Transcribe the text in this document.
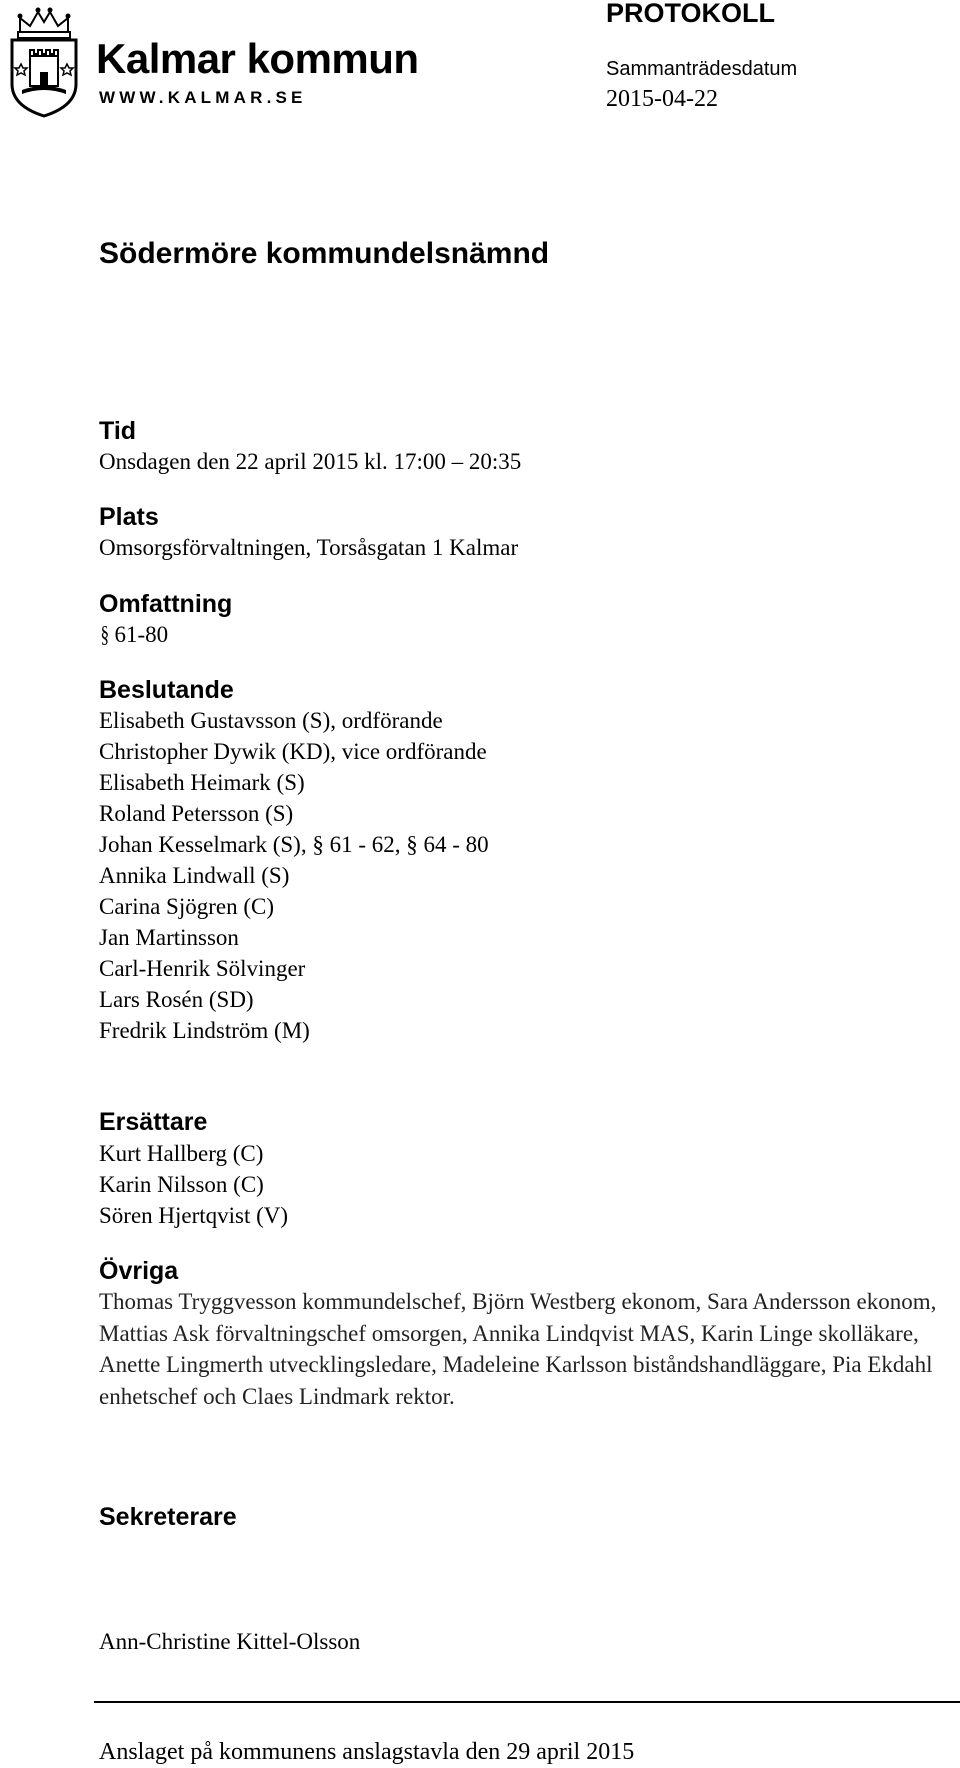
Kalmar kommun
WWW.KALMAR.SE
PROTOKOLL
Sammanträdesdatum
2015-04-22
Södermöre kommundelsnämnd
Tid
Onsdagen den 22 april 2015 kl. 17:00 – 20:35
Plats
Omsorgsförvaltningen, Torsåsgatan 1 Kalmar
Omfattning
§ 61-80
Beslutande
Elisabeth Gustavsson (S), ordförande
Christopher Dywik (KD), vice ordförande
Elisabeth Heimark (S)
Roland Petersson (S)
Johan Kesselmark (S), § 61 - 62, § 64 - 80
Annika Lindwall (S)
Carina Sjögren (C)
Jan Martinsson
Carl-Henrik Sölvinger
Lars Rosén (SD)
Fredrik Lindström (M)
Ersättare
Kurt Hallberg (C)
Karin Nilsson (C)
Sören Hjertqvist (V)
Övriga
Thomas Tryggvesson kommundelschef, Björn Westberg ekonom, Sara Andersson ekonom, Mattias Ask förvaltningschef omsorgen, Annika Lindqvist MAS, Karin Linge skolläkare, Anette Lingmerth utvecklingsledare, Madeleine Karlsson biståndshandläggare, Pia Ekdahl enhetschef och Claes Lindmark rektor.
Sekreterare
Ann-Christine Kittel-Olsson
Anslaget på kommunens anslagstavla den 29 april 2015
